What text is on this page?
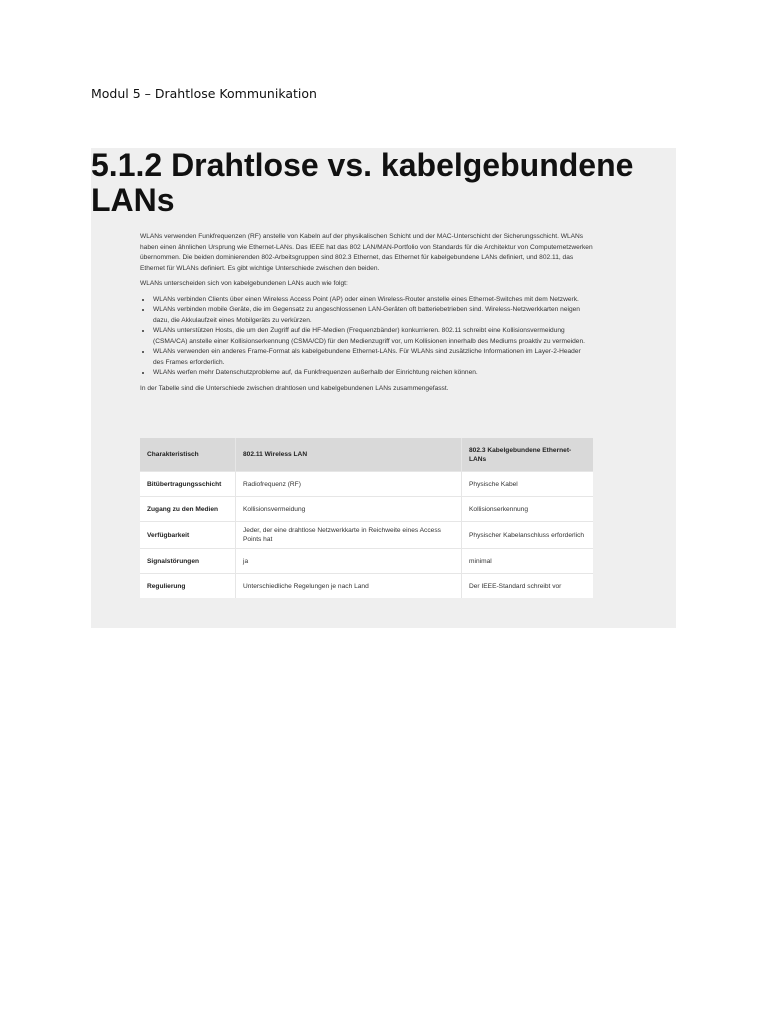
Modul 5 – Drahtlose Kommunikation
5.1.2 Drahtlose vs. kabelgebundene LANs

WLANs verwenden Funkfrequenzen (RF) anstelle von Kabeln auf der physikalischen Schicht und der MAC-Unterschicht der Sicherungsschicht. WLANs haben einen ähnlichen Ursprung wie Ethernet-LANs. Das IEEE hat das 802 LAN/MAN-Portfolio von Standards für die Architektur von Computernetzwerken übernommen. Die beiden dominierenden 802-Arbeitsgruppen sind 802.3 Ethernet, das Ethernet für kabelgebundene LANs definiert, und 802.11, das Ethernet für WLANs definiert. Es gibt wichtige Unterschiede zwischen den beiden.

WLANs unterscheiden sich von kabelgebundenen LANs auch wie folgt:

• WLANs verbinden Clients über einen Wireless Access Point (AP) oder einen Wireless-Router anstelle eines Ethernet-Switches mit dem Netzwerk.
• WLANs verbinden mobile Geräte, die im Gegensatz zu angeschlossenen LAN-Geräten oft batteriebetrieben sind. Wireless-Netzwerkkarten neigen dazu, die Akkulaufzeit eines Mobilgeräts zu verkürzen.
• WLANs unterstützen Hosts, die um den Zugriff auf die HF-Medien (Frequenzbänder) konkurrieren. 802.11 schreibt eine Kollisionsvermeidung (CSMA/CA) anstelle einer Kollisionserkennung (CSMA/CD) für den Medienzugriff vor, um Kollisionen innerhalb des Mediums proaktiv zu vermeiden.
• WLANs verwenden ein anderes Frame-Format als kabelgebundene Ethernet-LANs. Für WLANs sind zusätzliche Informationen im Layer-2-Header des Frames erforderlich.
• WLANs werfen mehr Datenschutzprobleme auf, da Funkfrequenzen außerhalb der Einrichtung reichen können.

In der Tabelle sind die Unterschiede zwischen drahtlosen und kabelgebundenen LANs zusammengefasst.

Charakteristisch	802.11 Wireless LAN	802.3 Kabelgebundene Ethernet-LANs
Bitübertragungsschicht	Radiofrequenz (RF)	Physische Kabel
Zugang zu den Medien	Kollisionsvermeidung	Kollisionserkennung
Verfügbarkeit	Jeder, der eine drahtlose Netzwerkkarte in Reichweite eines Access Points hat	Physischer Kabelanschluss erforderlich
Signalstörungen	ja	minimal
Regulierung	Unterschiedliche Regelungen je nach Land	Der IEEE-Standard schreibt vor
